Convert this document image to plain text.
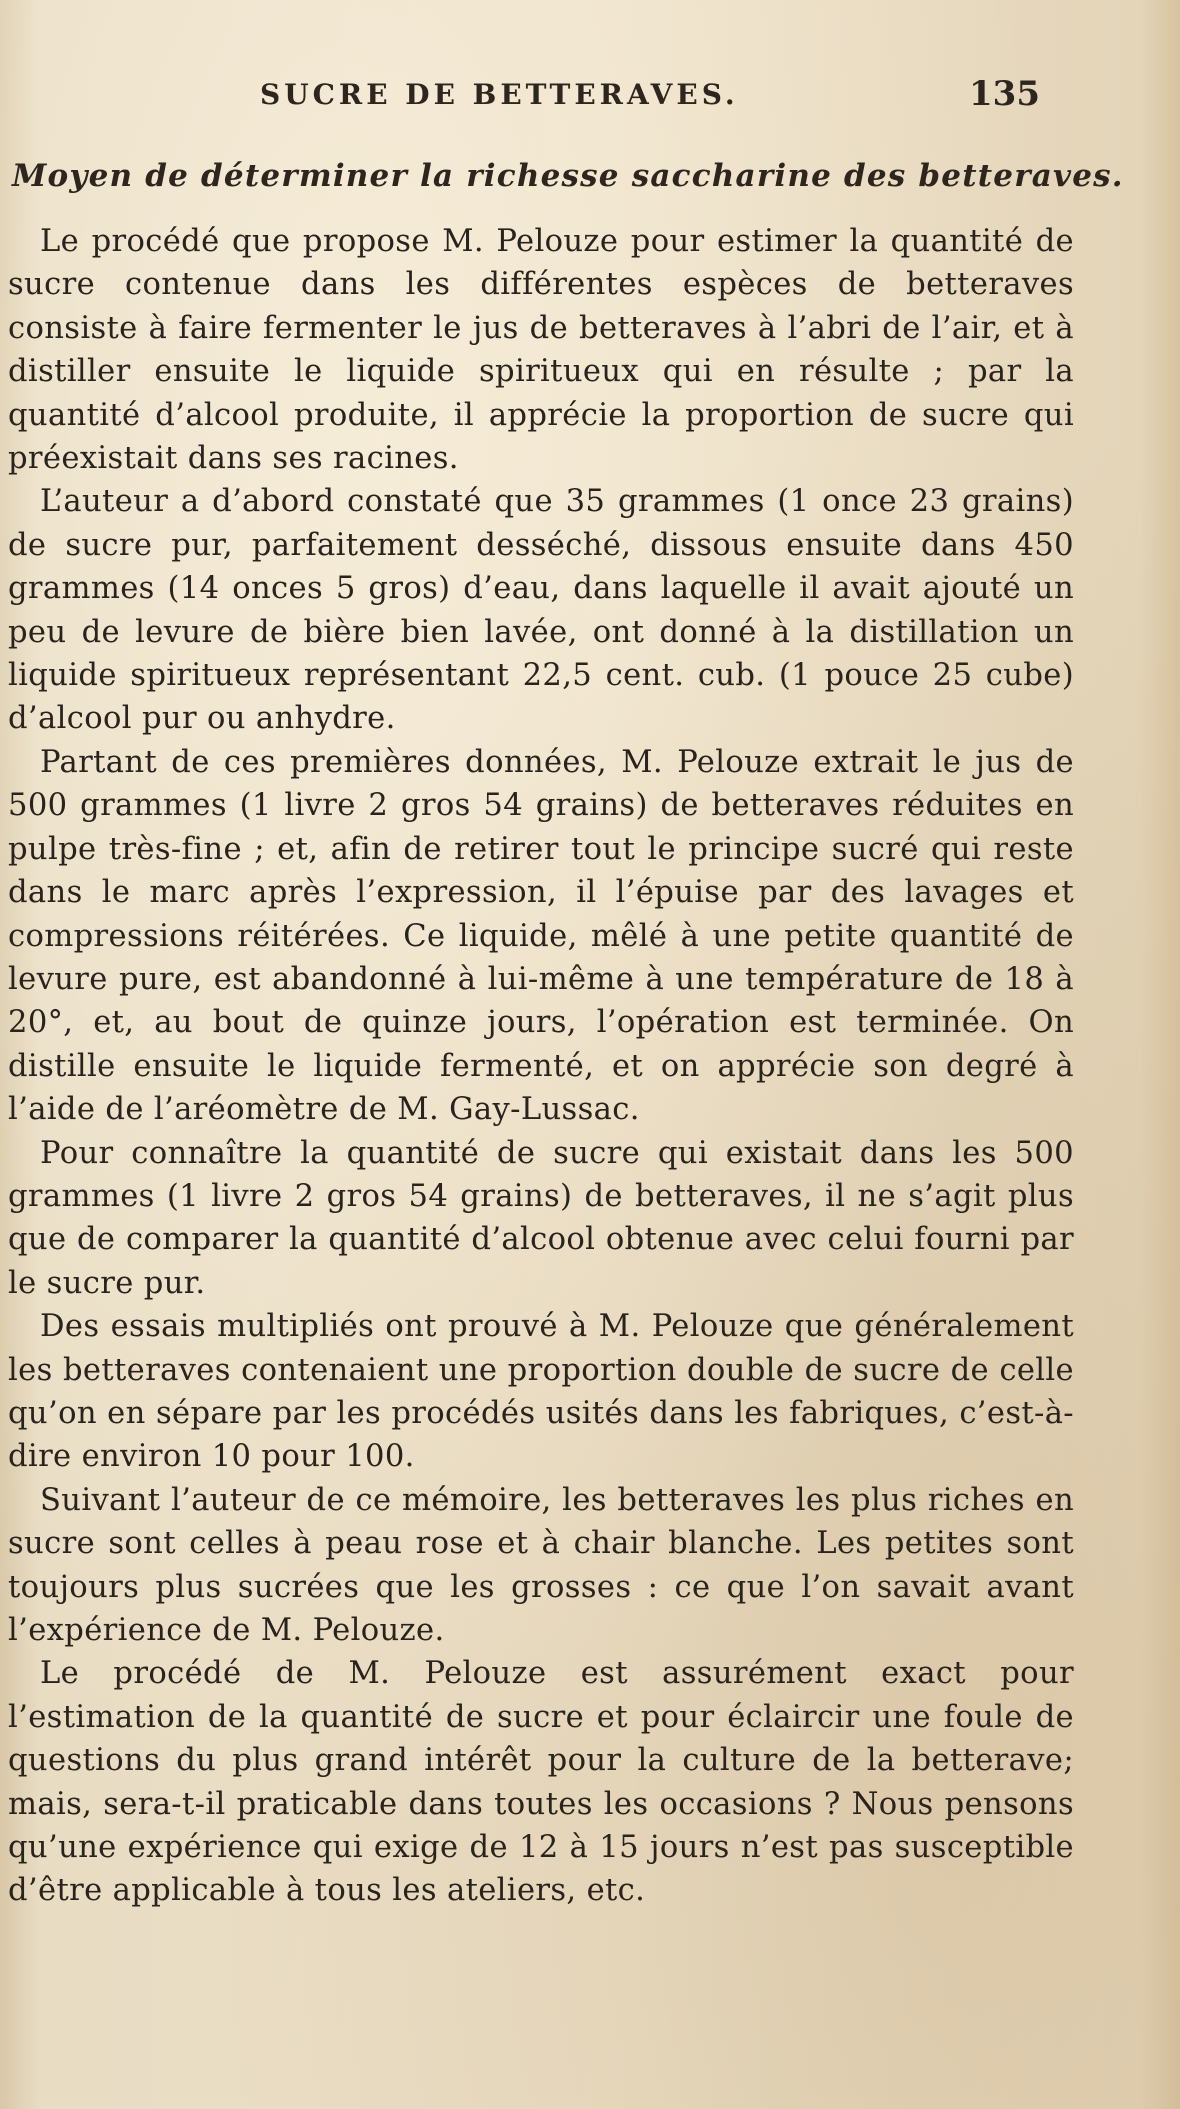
SUCRE DE BETTERAVES.	135
Moyen de déterminer la richesse saccharine des betteraves.

Le procédé que propose M. Pelouze pour estimer la quantité de sucre contenue dans les différentes espèces de betteraves consiste à faire fermenter le jus de betteraves à l’abri de l’air, et à distiller ensuite le liquide spiritueux qui en résulte ; par la quantité d’alcool produite, il apprécie la proportion de sucre qui préexistait dans ses racines.

L’auteur a d’abord constaté que 35 grammes (1 once 23 grains) de sucre pur, parfaitement desséché, dissous ensuite dans 450 grammes (14 onces 5 gros) d’eau, dans laquelle il avait ajouté un peu de levure de bière bien lavée, ont donné à la distillation un liquide spiritueux représentant 22,5 cent. cub. (1 pouce 25 cube) d’alcool pur ou anhydre.

Partant de ces premières données, M. Pelouze extrait le jus de 500 grammes (1 livre 2 gros 54 grains) de betteraves réduites en pulpe très-fine ; et, afin de retirer tout le principe sucré qui reste dans le marc après l’expression, il l’épuise par des lavages et compressions réitérées. Ce liquide, mêlé à une petite quantité de levure pure, est abandonné à lui-même à une température de 18 à 20°, et, au bout de quinze jours, l’opération est terminée. On distille ensuite le liquide fermenté, et on apprécie son degré à l’aide de l’aréomètre de M. Gay-Lussac.

Pour connaître la quantité de sucre qui existait dans les 500 grammes (1 livre 2 gros 54 grains) de betteraves, il ne s’agit plus que de comparer la quantité d’alcool obtenue avec celui fourni par le sucre pur.

Des essais multipliés ont prouvé à M. Pelouze que généralement les betteraves contenaient une proportion double de sucre de celle qu’on en sépare par les procédés usités dans les fabriques, c’est-à-dire environ 10 pour 100.

Suivant l’auteur de ce mémoire, les betteraves les plus riches en sucre sont celles à peau rose et à chair blanche. Les petites sont toujours plus sucrées que les grosses : ce que l’on savait avant l’expérience de M. Pelouze.

Le procédé de M. Pelouze est assurément exact pour l’estimation de la quantité de sucre et pour éclaircir une foule de questions du plus grand intérêt pour la culture de la betterave; mais, sera-t-il praticable dans toutes les occasions ? Nous pensons qu’une expérience qui exige de 12 à 15 jours n’est pas susceptible d’être applicable à tous les ateliers, etc.
